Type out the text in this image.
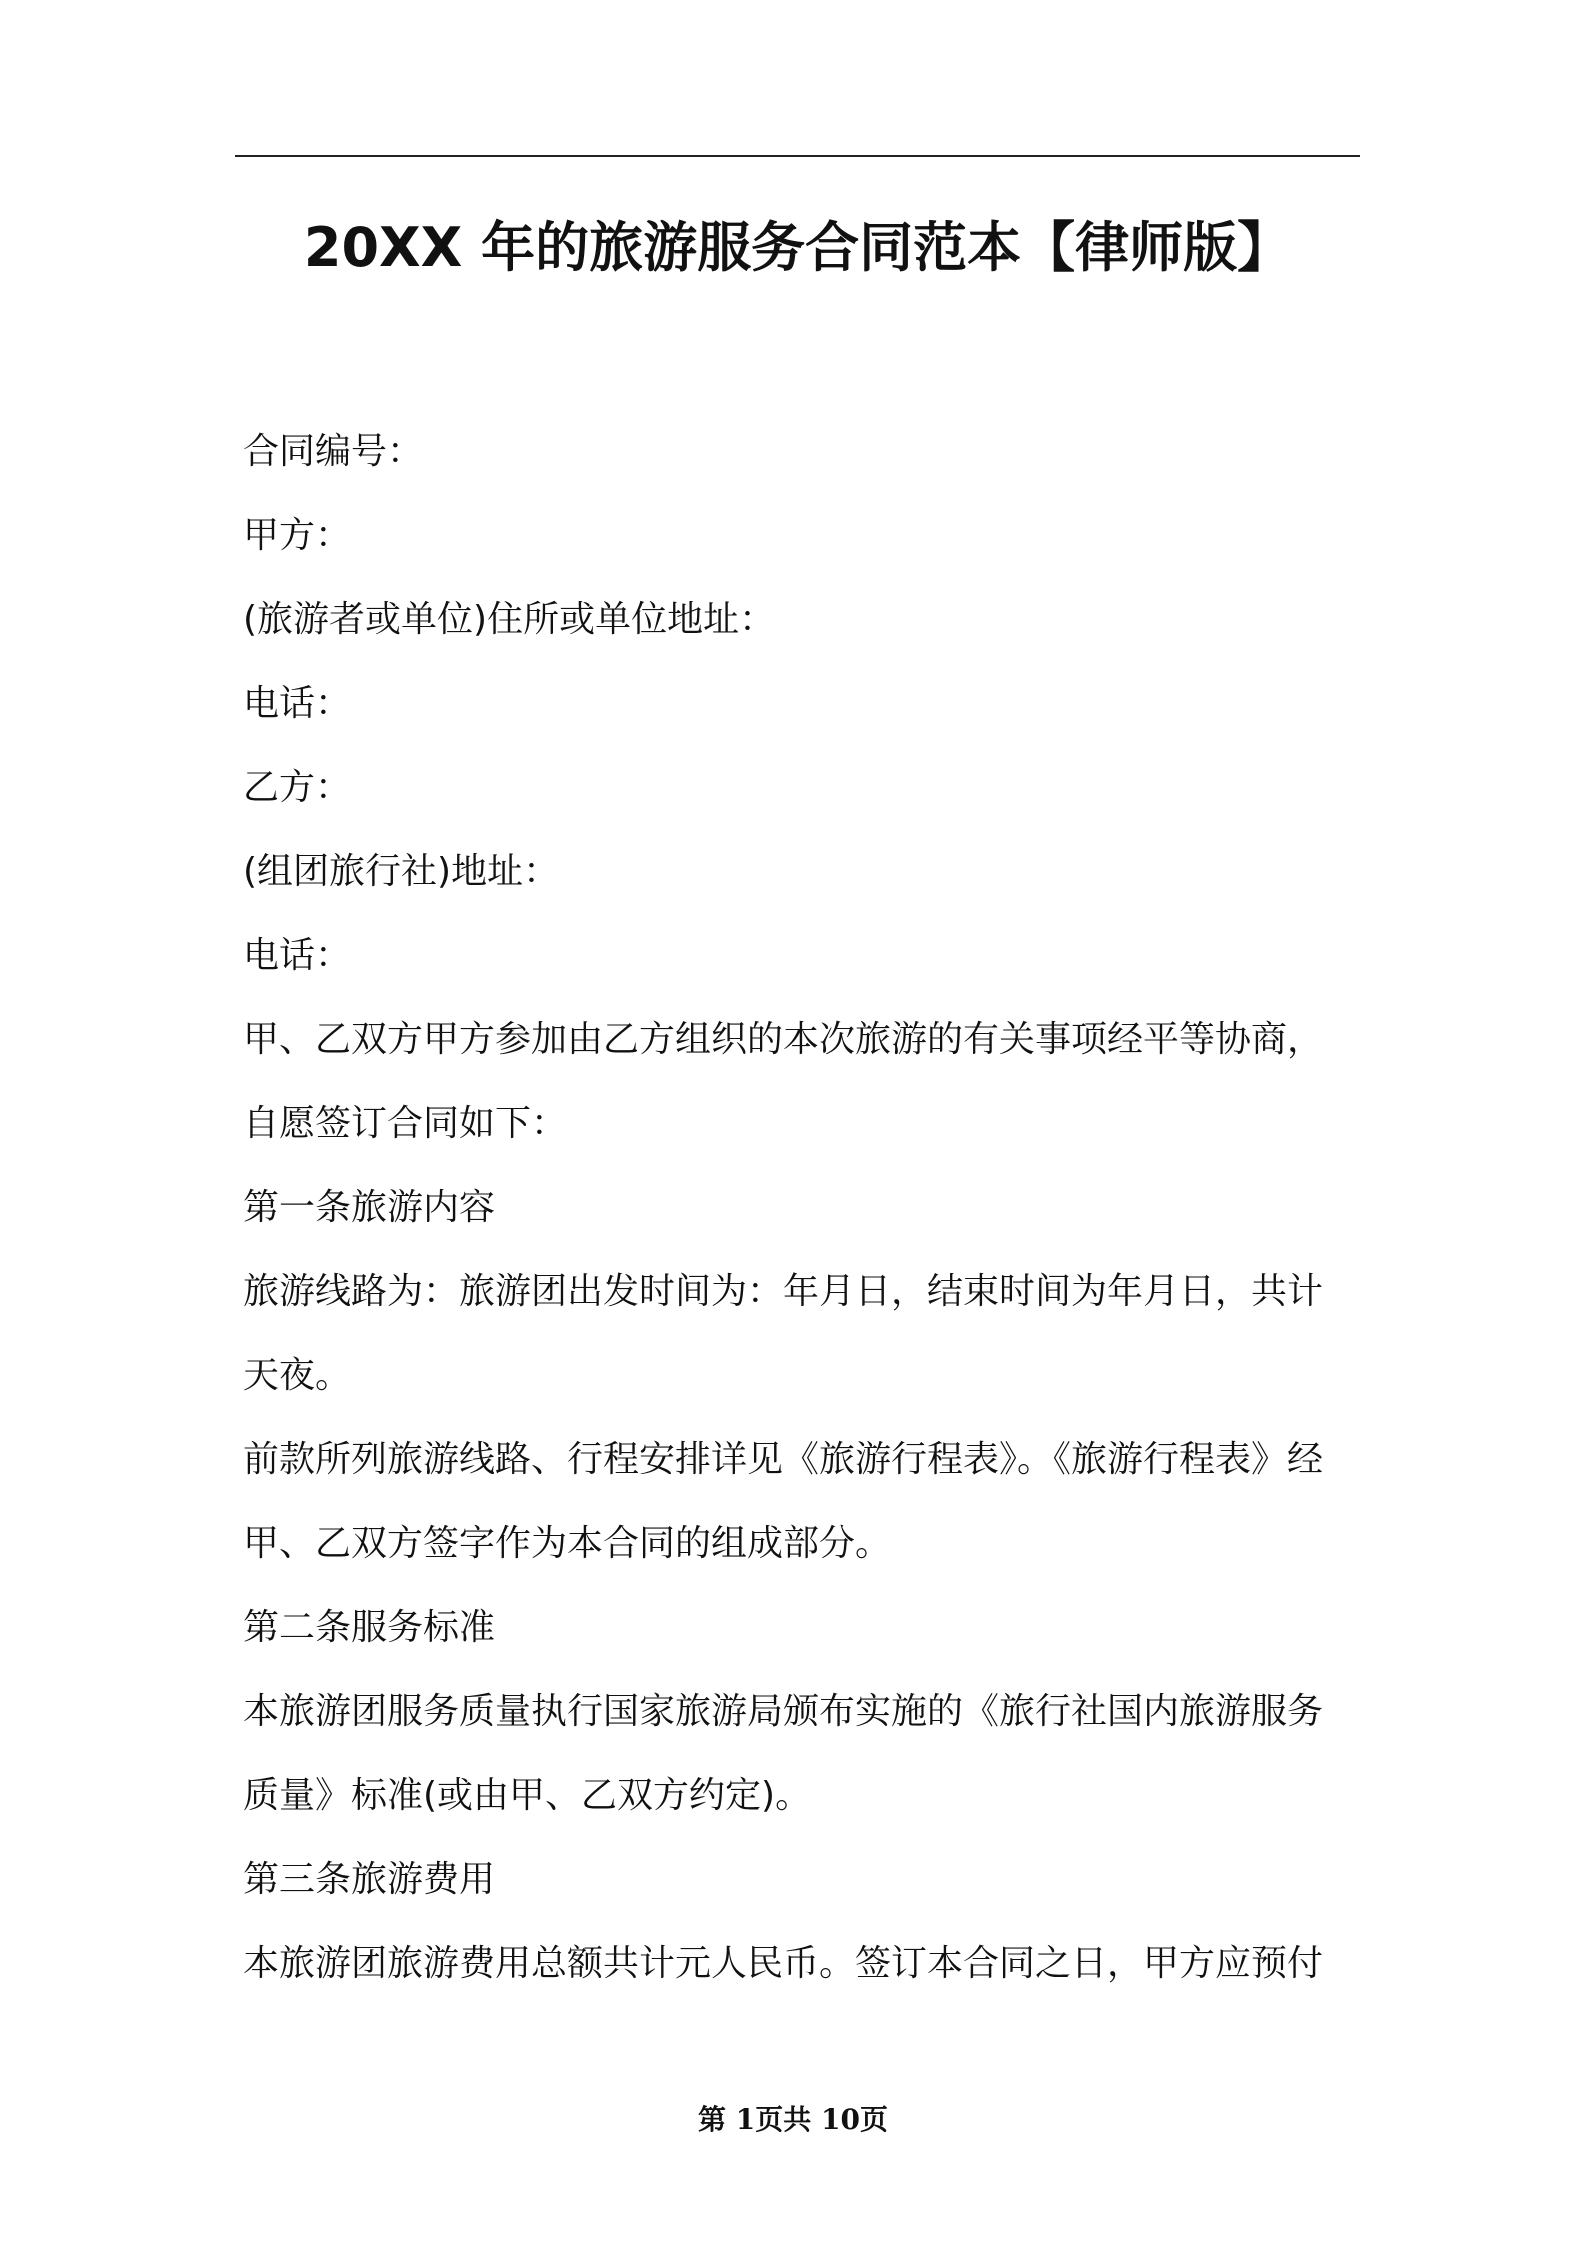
20XX 年的旅游服务合同范本【律师版】
合同编号：
甲方：
(旅游者或单位)住所或单位地址：
电话：
乙方：
(组团旅行社)地址：
电话：
甲、乙双方甲方参加由乙方组织的本次旅游的有关事项经平等协商，
自愿签订合同如下：
第一条旅游内容
旅游线路为：旅游团出发时间为：年月日，结束时间为年月日，共计
天夜。
前款所列旅游线路、行程安排详见《旅游行程表》。《旅游行程表》经
甲、乙双方签字作为本合同的组成部分。
第二条服务标准
本旅游团服务质量执行国家旅游局颁布实施的《旅行社国内旅游服务
质量》标准(或由甲、乙双方约定)。
第三条旅游费用
本旅游团旅游费用总额共计元人民币。签订本合同之日，甲方应预付
第 1页共 10页
